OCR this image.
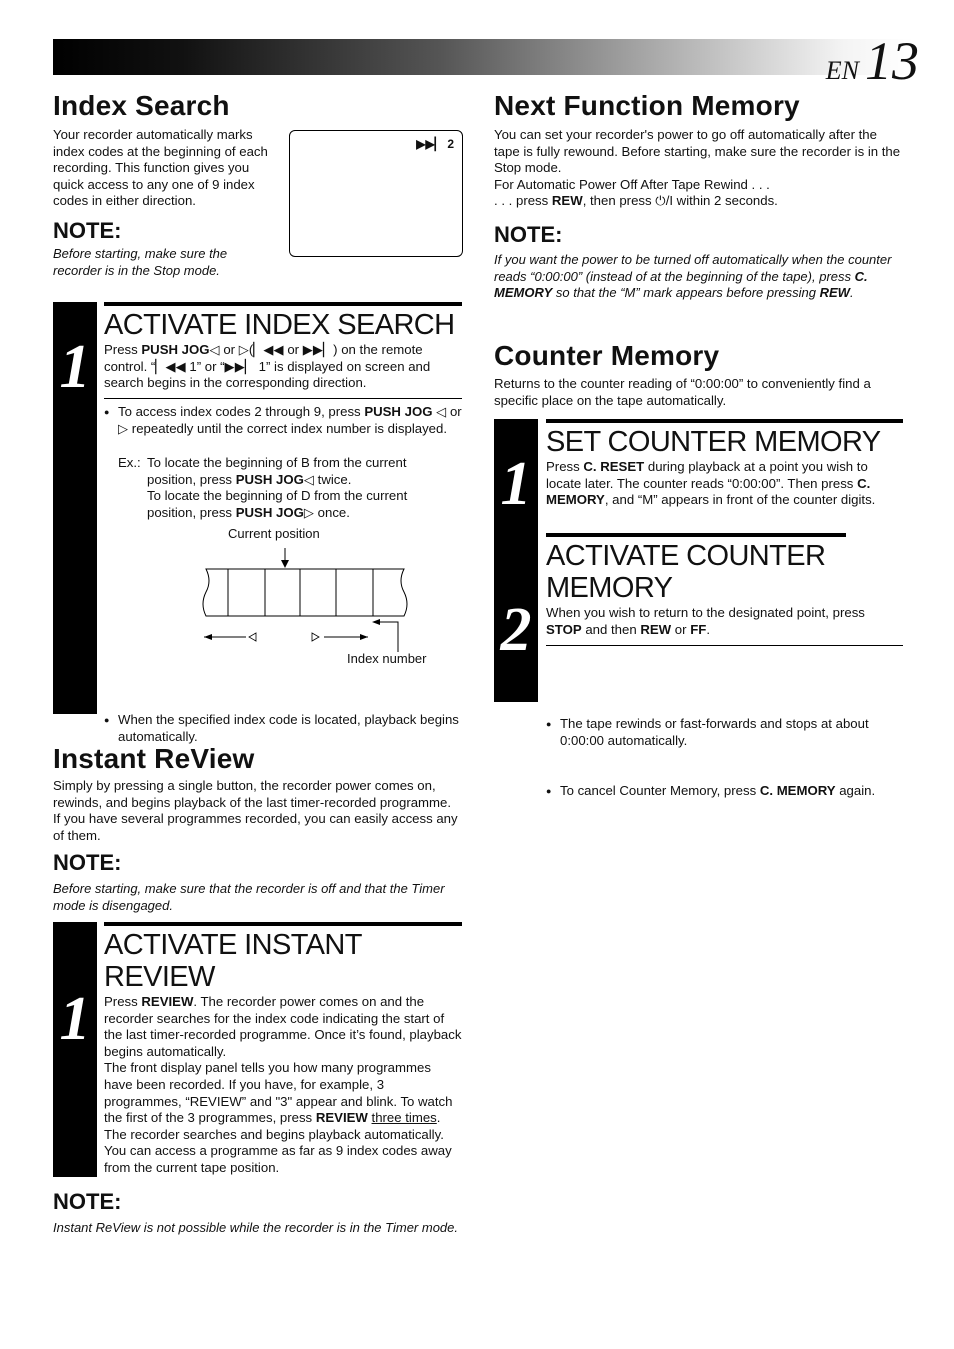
EN 13
Index Search
Your recorder automatically marks index codes at the beginning of each recording. This function gives you quick access to any one of 9 index codes in either direction.
▶▶▏ 2
NOTE:
Before starting, make sure the recorder is in the Stop mode.
1
ACTIVATE INDEX SEARCH
Press PUSH JOG◁ or ▷(▏◀◀ or ▶▶▏) on the remote control. “▏◀◀ 1” or “▶▶▏ 1” is displayed on screen and search begins in the corresponding direction.
● To access index codes 2 through 9, press PUSH JOG ◁ or ▷ repeatedly until the correct index number is displayed.
Ex.: To locate the beginning of B from the current position, press PUSH JOG◁ twice.
To locate the beginning of D from the current position, press PUSH JOG▷ once.
Current position
Index number
● When the specified index code is located, playback begins automatically.
Instant ReView
Simply by pressing a single button, the recorder power comes on, rewinds, and begins playback of the last timer-recorded programme. If you have several programmes recorded, you can easily access any of them.
NOTE:
Before starting, make sure that the recorder is off and that the Timer mode is disengaged.
1
ACTIVATE INSTANT REVIEW
Press REVIEW. The recorder power comes on and the recorder searches for the index code indicating the start of the last timer-recorded programme. Once it’s found, playback begins automatically.
The front display panel tells you how many programmes have been recorded. If you have, for example, 3 programmes, “REVIEW” and "3" appear and blink. To watch the first of the 3 programmes, press REVIEW three times. The recorder searches and begins playback automatically. You can access a programme as far as 9 index codes away from the current tape position.
NOTE:
Instant ReView is not possible while the recorder is in the Timer mode.
Next Function Memory
You can set your recorder's power to go off automatically after the tape is fully rewound. Before starting, make sure the recorder is in the Stop mode.
For Automatic Power Off After Tape Rewind . . .
. . . press REW, then press ⏻/I within 2 seconds.
NOTE:
If you want the power to be turned off automatically when the counter reads “0:00:00” (instead of at the beginning of the tape), press C. MEMORY so that the “M” mark appears before pressing REW.
Counter Memory
Returns to the counter reading of “0:00:00” to conveniently find a specific place on the tape automatically.
1
2
SET COUNTER MEMORY
Press C. RESET during playback at a point you wish to locate later. The counter reads “0:00:00”. Then press C. MEMORY, and “M” appears in front of the counter digits.
ACTIVATE COUNTER MEMORY
When you wish to return to the designated point, press STOP and then REW or FF.
● The tape rewinds or fast-forwards and stops at about 0:00:00 automatically.
● To cancel Counter Memory, press C. MEMORY again.
